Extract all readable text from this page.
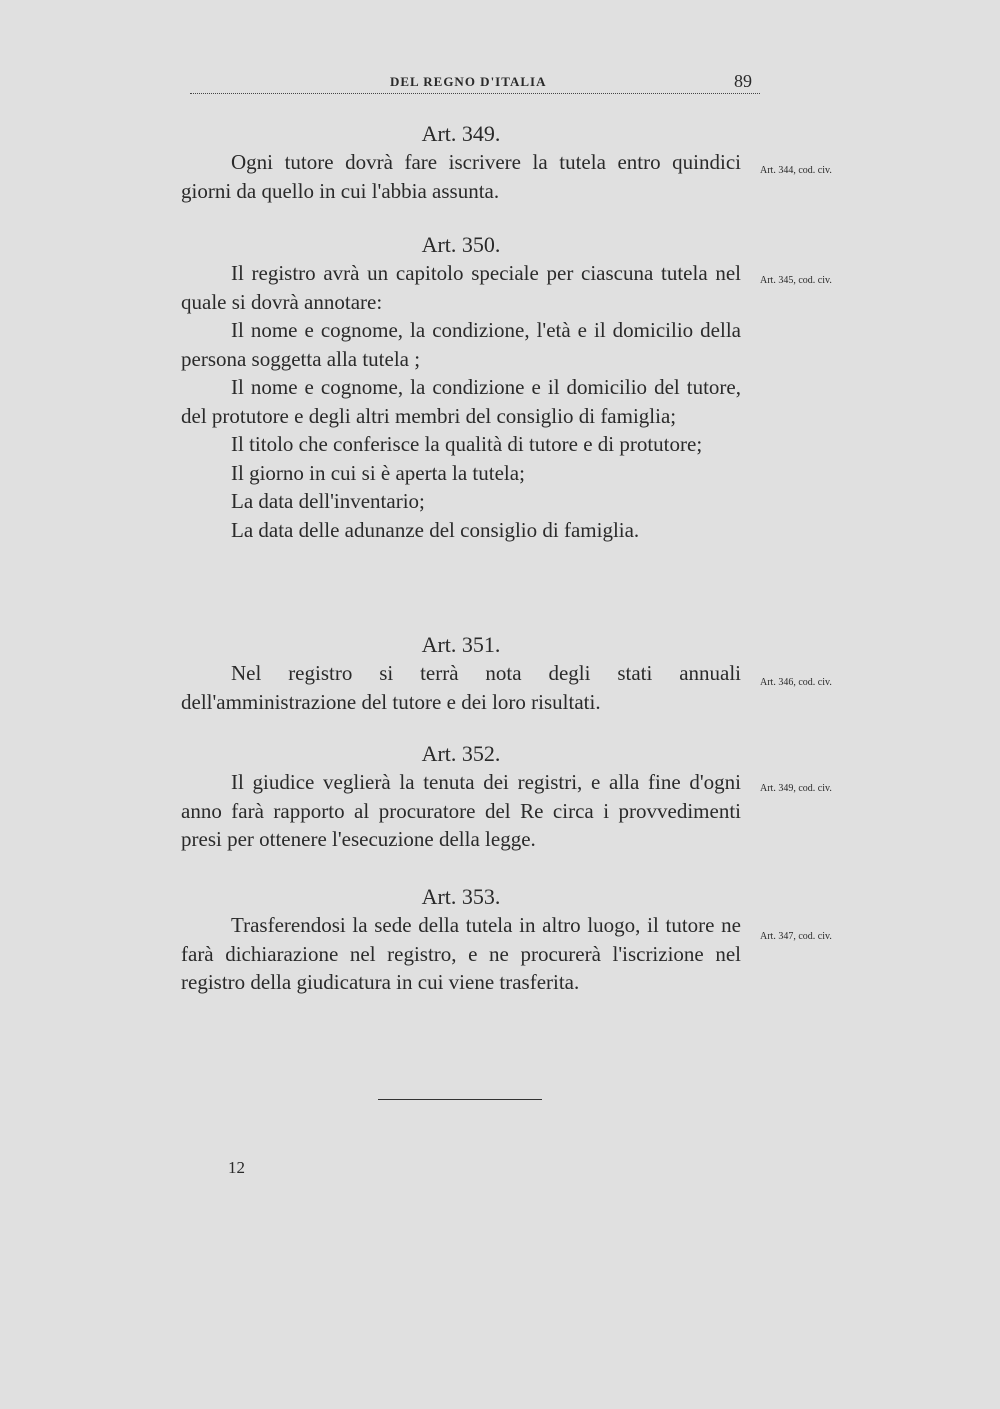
DEL REGNO D'ITALIA	89

Art. 349.

Ogni tutore dovrà fare iscrivere la tutela entro quindici giorni da quello in cui l'abbia assunta.

Art. 344, cod. civ.

Art. 350.

Il registro avrà un capitolo speciale per ciascuna tutela nel quale si dovrà annotare:

Il nome e cognome, la condizione, l'età e il domicilio della persona soggetta alla tutela ;

Il nome e cognome, la condizione e il domicilio del tutore, del protutore e degli altri membri del consiglio di famiglia;

Il titolo che conferisce la qualità di tutore e di protutore;

Il giorno in cui si è aperta la tutela;

La data dell'inventario;

La data delle adunanze del consiglio di famiglia.

Art. 345, cod. civ.

Art. 351.

Nel registro si terrà nota degli stati annuali dell'amministrazione del tutore e dei loro risultati.

Art. 346, cod. civ.

Art. 352.

Il giudice veglierà la tenuta dei registri, e alla fine d'ogni anno farà rapporto al procuratore del Re circa i provvedimenti presi per ottenere l'esecuzione della legge.

Art. 349, cod. civ.

Art. 353.

Trasferendosi la sede della tutela in altro luogo, il tutore ne farà dichiarazione nel registro, e ne procurerà l'iscrizione nel registro della giudicatura in cui viene trasferita.

Art. 347, cod. civ.
12
